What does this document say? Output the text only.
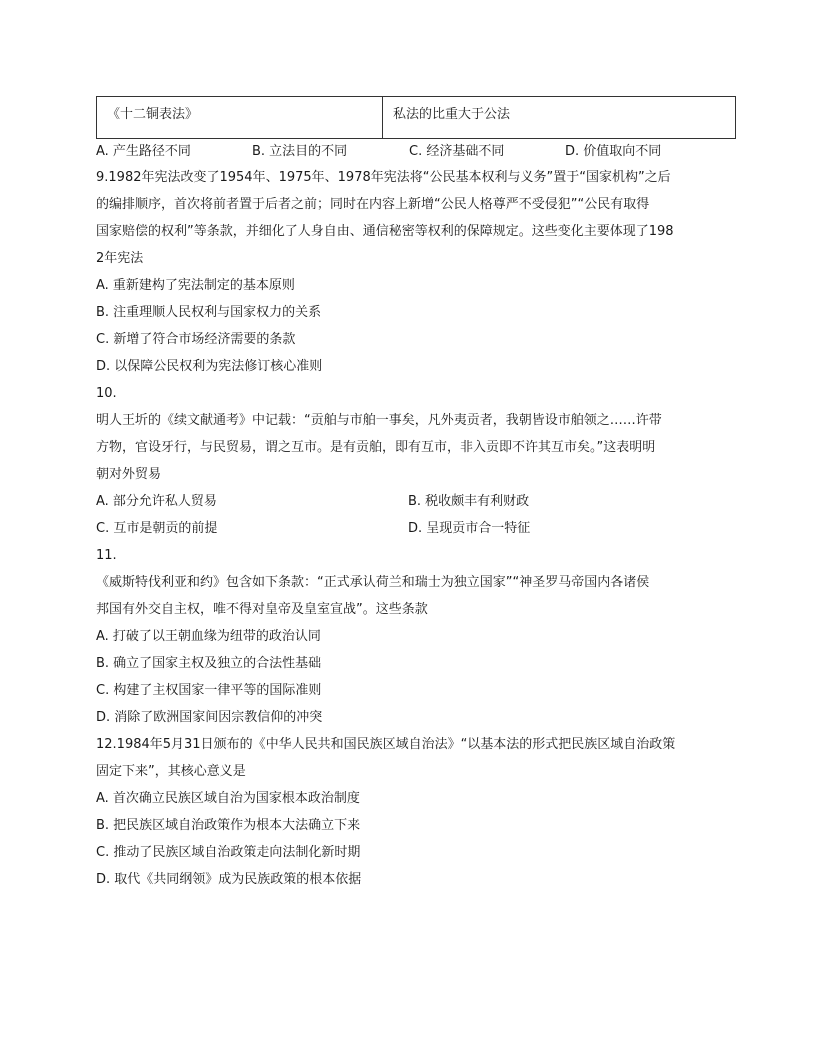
《十二铜表法》	私法的比重大于公法
A. 产生路径不同	B. 立法目的不同	C. 经济基础不同	D. 价值取向不同
9.1982年宪法改变了1954年、1975年、1978年宪法将“公民基本权利与义务”置于“国家机构”之后
的编排顺序，首次将前者置于后者之前；同时在内容上新增“公民人格尊严不受侵犯”“公民有取得
国家赔偿的权利”等条款，并细化了人身自由、通信秘密等权利的保障规定。这些变化主要体现了198
2年宪法
A. 重新建构了宪法制定的基本原则
B. 注重理顺人民权利与国家权力的关系
C. 新增了符合市场经济需要的条款
D. 以保障公民权利为宪法修订核心准则
10.
明人王圻的《续文献通考》中记载：“贡舶与市舶一事矣，凡外夷贡者，我朝皆设市舶领之……许带
方物，官设牙行，与民贸易，谓之互市。是有贡舶，即有互市，非入贡即不许其互市矣。”这表明明
朝对外贸易
A. 部分允许私人贸易	B. 税收颇丰有利财政
C. 互市是朝贡的前提	D. 呈现贡市合一特征
11.
《威斯特伐利亚和约》包含如下条款：“正式承认荷兰和瑞士为独立国家”“神圣罗马帝国内各诸侯
邦国有外交自主权，唯不得对皇帝及皇室宣战”。这些条款
A. 打破了以王朝血缘为纽带的政治认同
B. 确立了国家主权及独立的合法性基础
C. 构建了主权国家一律平等的国际准则
D. 消除了欧洲国家间因宗教信仰的冲突
12.1984年5月31日颁布的《中华人民共和国民族区域自治法》“以基本法的形式把民族区域自治政策
固定下来”，其核心意义是
A. 首次确立民族区域自治为国家根本政治制度
B. 把民族区域自治政策作为根本大法确立下来
C. 推动了民族区域自治政策走向法制化新时期
D. 取代《共同纲领》成为民族政策的根本依据
